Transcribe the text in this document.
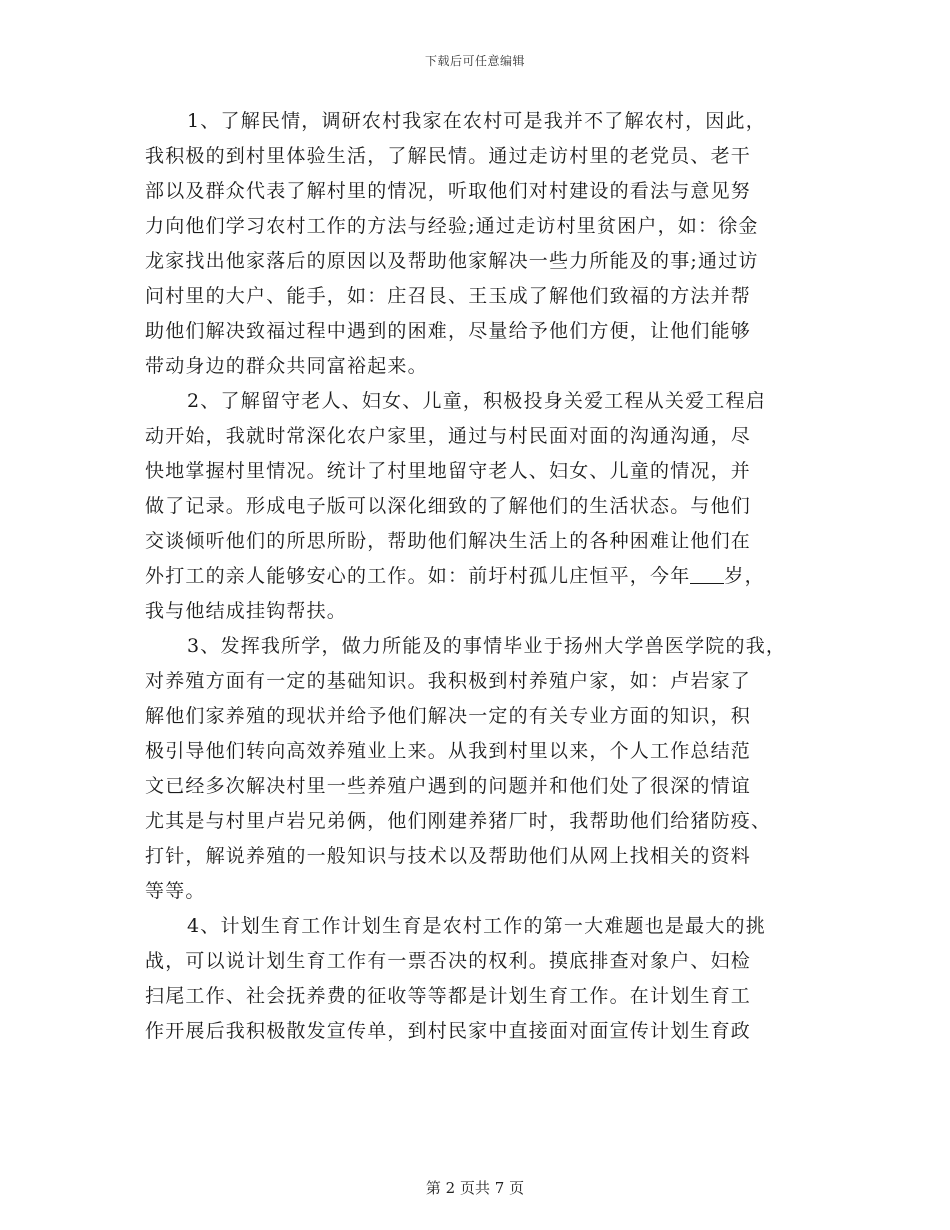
下载后可任意编辑

1、了解民情，调研农村我家在农村可是我并不了解农村，因此，
我积极的到村里体验生活，了解民情。通过走访村里的老党员、老干
部以及群众代表了解村里的情况，听取他们对村建设的看法与意见努
力向他们学习农村工作的方法与经验;通过走访村里贫困户，如：徐金
龙家找出他家落后的原因以及帮助他家解决一些力所能及的事;通过访
问村里的大户、能手，如：庄召艮、王玉成了解他们致福的方法并帮
助他们解决致福过程中遇到的困难，尽量给予他们方便，让他们能够
带动身边的群众共同富裕起来。

2、了解留守老人、妇女、儿童，积极投身关爱工程从关爱工程启
动开始，我就时常深化农户家里，通过与村民面对面的沟通沟通，尽
快地掌握村里情况。统计了村里地留守老人、妇女、儿童的情况，并
做了记录。形成电子版可以深化细致的了解他们的生活状态。与他们
交谈倾听他们的所思所盼，帮助他们解决生活上的各种困难让他们在
外打工的亲人能够安心的工作。如：前圩村孤儿庄恒平，今年 岁，
我与他结成挂钩帮扶。

3、发挥我所学，做力所能及的事情毕业于扬州大学兽医学院的我，
对养殖方面有一定的基础知识。我积极到村养殖户家，如：卢岩家了
解他们家养殖的现状并给予他们解决一定的有关专业方面的知识，积
极引导他们转向高效养殖业上来。从我到村里以来，个人工作总结范
文已经多次解决村里一些养殖户遇到的问题并和他们处了很深的情谊
尤其是与村里卢岩兄弟俩，他们刚建养猪厂时，我帮助他们给猪防疫、
打针，解说养殖的一般知识与技术以及帮助他们从网上找相关的资料
等等。

4、计划生育工作计划生育是农村工作的第一大难题也是最大的挑
战，可以说计划生育工作有一票否决的权利。摸底排查对象户、妇检
扫尾工作、社会抚养费的征收等等都是计划生育工作。在计划生育工
作开展后我积极散发宣传单，到村民家中直接面对面宣传计划生育政

第 2 页共 7 页
